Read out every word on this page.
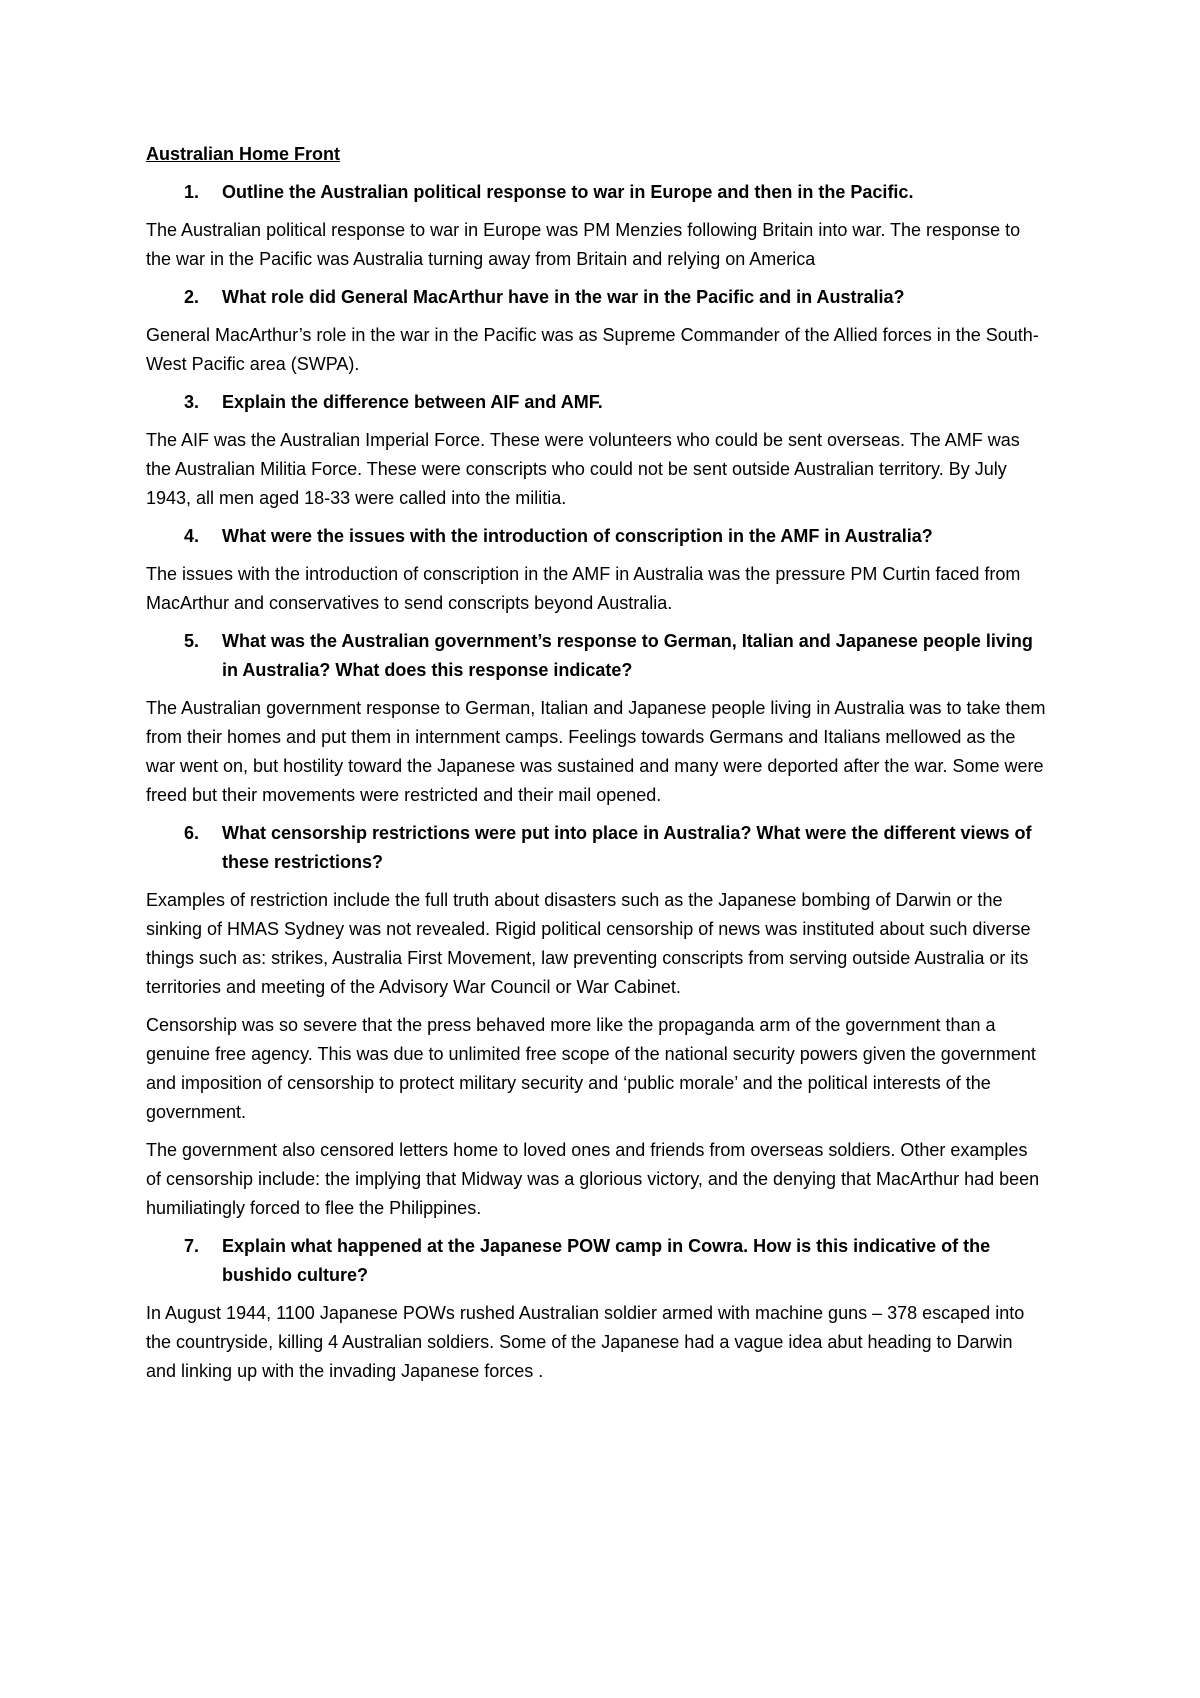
Australian Home Front
1.	Outline the Australian political response to war in Europe and then in the Pacific.

The Australian political response to war in Europe was PM Menzies following Britain into war. The response to the war in the Pacific was Australia turning away from Britain and relying on America

2.	What role did General MacArthur have in the war in the Pacific and in Australia?

General MacArthur’s role in the war in the Pacific was as Supreme Commander of the Allied forces in the South-West Pacific area (SWPA).

3.	Explain the difference between AIF and AMF.

The AIF was the Australian Imperial Force. These were volunteers who could be sent overseas. The AMF was the Australian Militia Force. These were conscripts who could not be sent outside Australian territory. By July 1943, all men aged 18-33 were called into the militia.

4.	What were the issues with the introduction of conscription in the AMF in Australia?

The issues with the introduction of conscription in the AMF in Australia was the pressure PM Curtin faced from MacArthur and conservatives to send conscripts beyond Australia.

5.	What was the Australian government’s response to German, Italian and Japanese people living in Australia? What does this response indicate?

The Australian government response to German, Italian and Japanese people living in Australia was to take them from their homes and put them in internment camps. Feelings towards Germans and Italians mellowed as the war went on, but hostility toward the Japanese was sustained and many were deported after the war. Some were freed but their movements were restricted and their mail opened.

6.	What censorship restrictions were put into place in Australia? What were the different views of these restrictions?

Examples of restriction include the full truth about disasters such as the Japanese bombing of Darwin or the sinking of HMAS Sydney was not revealed. Rigid political censorship of news was instituted about such diverse things such as: strikes, Australia First Movement, law preventing conscripts from serving outside Australia or its territories and meeting of the Advisory War Council or War Cabinet.

Censorship was so severe that the press behaved more like the propaganda arm of the government than a genuine free agency. This was due to unlimited free scope of the national security powers given the government and imposition of censorship to protect military security and ‘public morale’ and the political interests of the government.

The government also censored letters home to loved ones and friends from overseas soldiers. Other examples of censorship include: the implying that Midway was a glorious victory, and the denying that MacArthur had been humiliatingly forced to flee the Philippines.

7.	Explain what happened at the Japanese POW camp in Cowra. How is this indicative of the bushido culture?

In August 1944, 1100 Japanese POWs rushed Australian soldier armed with machine guns – 378 escaped into the countryside, killing 4 Australian soldiers. Some of the Japanese had a vague idea abut heading to Darwin and linking up with the invading Japanese forces .
